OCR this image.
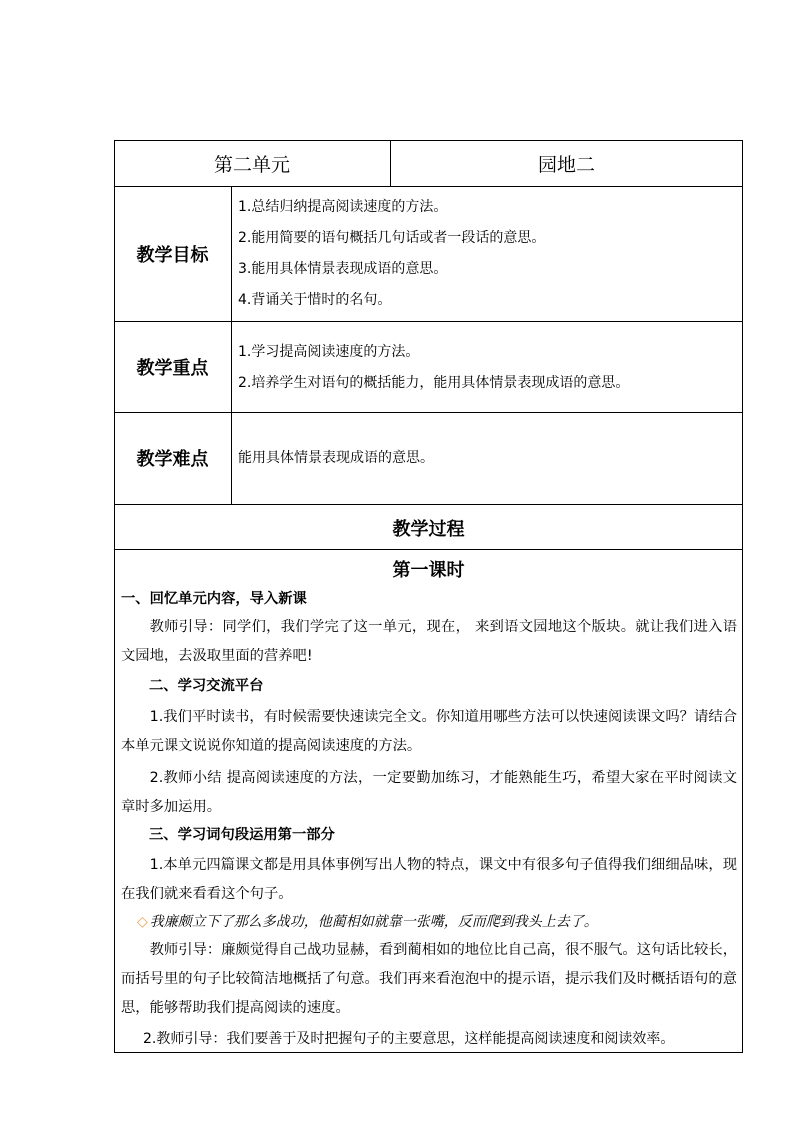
第二单元	园地二
教学目标
1.总结归纳提高阅读速度的方法。
2.能用简要的语句概括几句话或者一段话的意思。
3.能用具体情景表现成语的意思。
4.背诵关于惜时的名句。
教学重点
1.学习提高阅读速度的方法。
2.培养学生对语句的概括能力，能用具体情景表现成语的意思。
教学难点	能用具体情景表现成语的意思。
教学过程
第一课时
一、回忆单元内容，导入新课
教师引导：同学们，我们学完了这一单元，现在， 来到语文园地这个版块。就让我们进入语文园地，去汲取里面的营养吧!
二、学习交流平台
1.我们平时读书，有时候需要快速读完全文。你知道用哪些方法可以快速阅读课文吗？请结合本单元课文说说你知道的提高阅读速度的方法。
2.教师小结 提高阅读速度的方法，一定要勤加练习，才能熟能生巧，希望大家在平时阅读文章时多加运用。
三、学习词句段运用第一部分
1.本单元四篇课文都是用具体事例写出人物的特点，课文中有很多句子值得我们细细品味，现在我们就来看看这个句子。
◇ 我廉颇立下了那么多战功，他蔺相如就靠一张嘴，反而爬到我头上去了。
教师引导：廉颇觉得自己战功显赫，看到蔺相如的地位比自己高，很不服气。这句话比较长，而括号里的句子比较简洁地概括了句意。我们再来看泡泡中的提示语，提示我们及时概括语句的意思，能够帮助我们提高阅读的速度。
2.教师引导：我们要善于及时把握句子的主要意思，这样能提高阅读速度和阅读效率。
